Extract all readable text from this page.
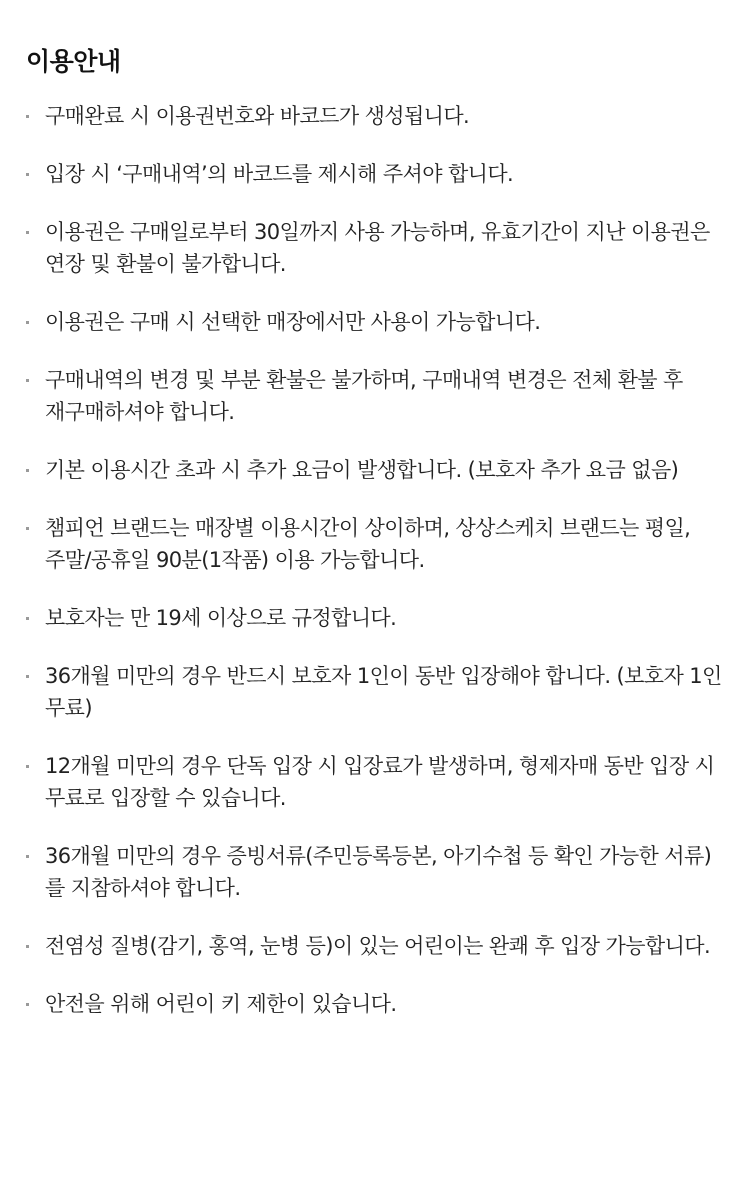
이용안내
구매완료 시 이용권번호와 바코드가 생성됩니다.
입장 시 ‘구매내역’의 바코드를 제시해 주셔야 합니다.
이용권은 구매일로부터 30일까지 사용 가능하며, 유효기간이 지난 이용권은 연장 및 환불이 불가합니다.
이용권은 구매 시 선택한 매장에서만 사용이 가능합니다.
구매내역의 변경 및 부분 환불은 불가하며, 구매내역 변경은 전체 환불 후 재구매하셔야 합니다.
기본 이용시간 초과 시 추가 요금이 발생합니다. (보호자 추가 요금 없음)
챔피언 브랜드는 매장별 이용시간이 상이하며, 상상스케치 브랜드는 평일, 주말/공휴일 90분(1작품) 이용 가능합니다.
보호자는 만 19세 이상으로 규정합니다.
36개월 미만의 경우 반드시 보호자 1인이 동반 입장해야 합니다. (보호자 1인 무료)
12개월 미만의 경우 단독 입장 시 입장료가 발생하며, 형제자매 동반 입장 시 무료로 입장할 수 있습니다.
36개월 미만의 경우 증빙서류(주민등록등본, 아기수첩 등 확인 가능한 서류)를 지참하셔야 합니다.
전염성 질병(감기, 홍역, 눈병 등)이 있는 어린이는 완쾌 후 입장 가능합니다.
안전을 위해 어린이 키 제한이 있습니다.
